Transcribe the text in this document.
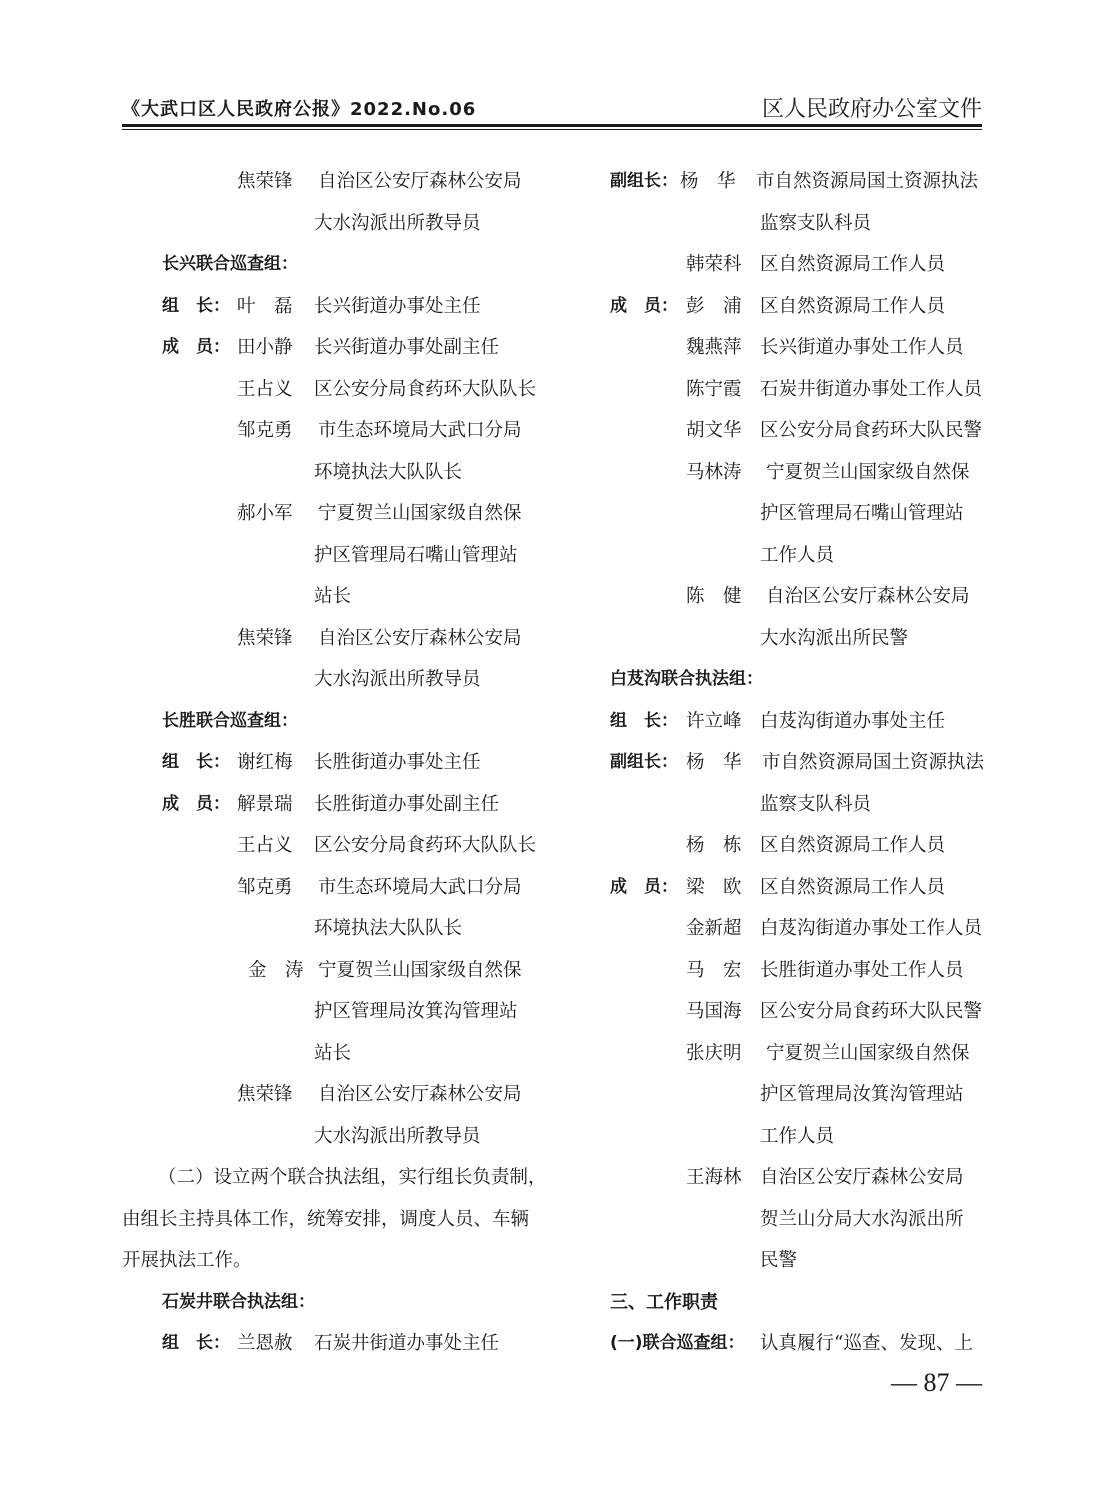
《大武口区人民政府公报》2022.No.06	区人民政府办公室文件
焦荣锋 自治区公安厅森林公安局
大水沟派出所教导员
长兴联合巡查组：
组　长： 叶　磊 长兴街道办事处主任
成　员： 田小静 长兴街道办事处副主任
王占义 区公安分局食药环大队队长
邹克勇 市生态环境局大武口分局
环境执法大队队长
郝小军 宁夏贺兰山国家级自然保
护区管理局石嘴山管理站
站长
焦荣锋 自治区公安厅森林公安局
大水沟派出所教导员
长胜联合巡查组：
组　长： 谢红梅 长胜街道办事处主任
成　员： 解景瑞 长胜街道办事处副主任
王占义 区公安分局食药环大队队长
邹克勇 市生态环境局大武口分局
环境执法大队队长
金　涛 宁夏贺兰山国家级自然保
护区管理局汝箕沟管理站
站长
焦荣锋 自治区公安厅森林公安局
大水沟派出所教导员
（二）设立两个联合执法组，实行组长负责制，
由组长主持具体工作，统筹安排，调度人员、车辆
开展执法工作。
石炭井联合执法组：
组　长： 兰恩赦 石炭井街道办事处主任
副组长： 杨　华 市自然资源局国土资源执法
监察支队科员
韩荣科 区自然资源局工作人员
成　员： 彭　浦 区自然资源局工作人员
魏燕萍 长兴街道办事处工作人员
陈宁霞 石炭井街道办事处工作人员
胡文华 区公安分局食药环大队民警
马林涛 宁夏贺兰山国家级自然保
护区管理局石嘴山管理站
工作人员
陈　健 自治区公安厅森林公安局
大水沟派出所民警
白芨沟联合执法组：
组　长： 许立峰 白芨沟街道办事处主任
副组长： 杨　华 市自然资源局国土资源执法
监察支队科员
杨　栋 区自然资源局工作人员
成　员： 梁　欧 区自然资源局工作人员
金新超 白芨沟街道办事处工作人员
马　宏 长胜街道办事处工作人员
马国海 区公安分局食药环大队民警
张庆明 宁夏贺兰山国家级自然保
护区管理局汝箕沟管理站
工作人员
王海林 自治区公安厅森林公安局
贺兰山分局大水沟派出所
民警
三、工作职责
(一)联合巡查组： 认真履行“巡查、发现、上
— 87 —
